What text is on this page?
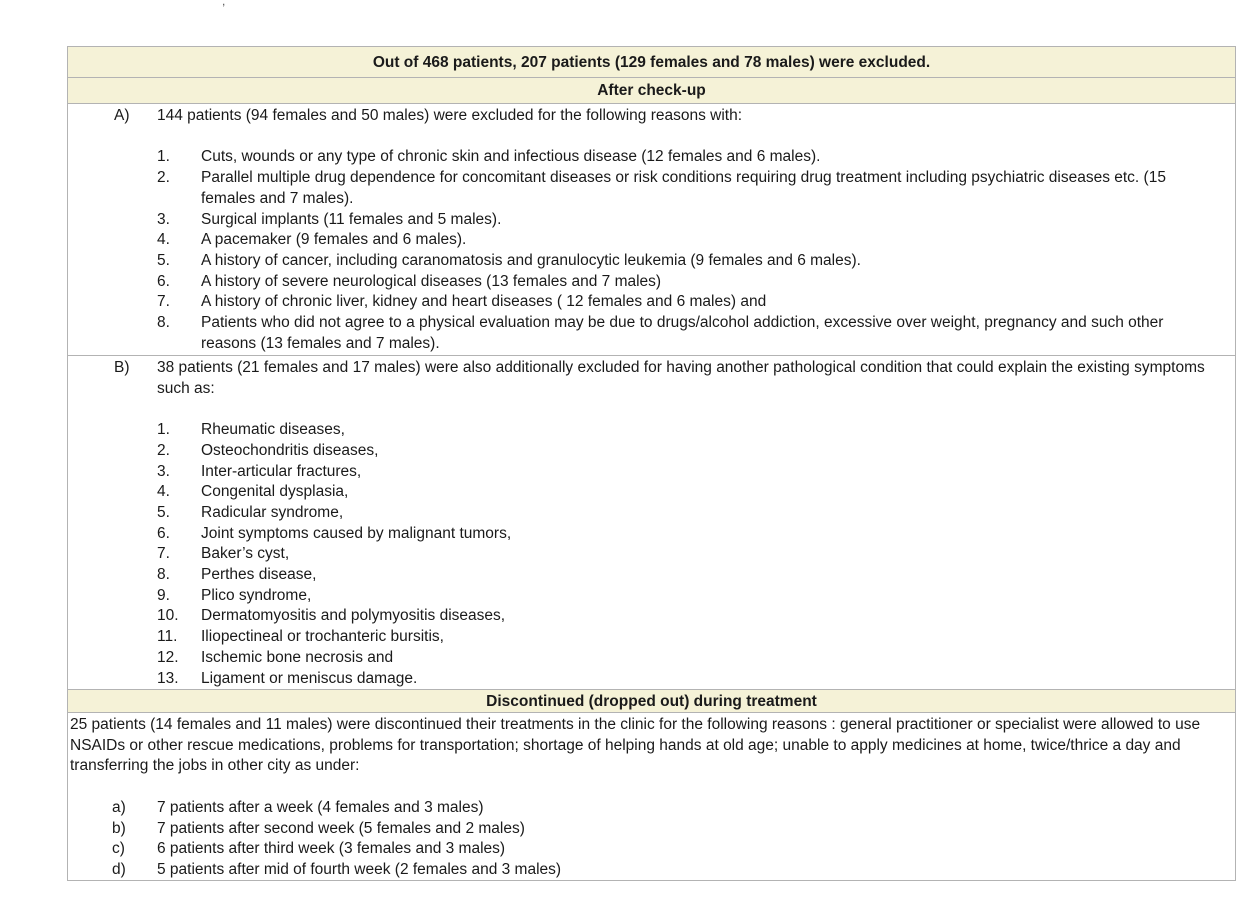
,
Out of 468 patients, 207 patients (129 females and 78 males) were excluded.
After check-up
A) 144 patients (94 females and 50 males) were excluded for the following reasons with:
1. Cuts, wounds or any type of chronic skin and infectious disease (12 females and 6 males).
2. Parallel multiple drug dependence for concomitant diseases or risk conditions requiring drug treatment including psychiatric diseases etc. (15 females and 7 males).
3. Surgical implants (11 females and 5 males).
4. A pacemaker (9 females and 6 males).
5. A history of cancer, including caranomatosis and granulocytic leukemia (9 females and 6 males).
6. A history of severe neurological diseases (13 females and 7 males)
7. A history of chronic liver, kidney and heart diseases ( 12 females and 6 males) and
8. Patients who did not agree to a physical evaluation may be due to drugs/alcohol addiction, excessive over weight, pregnancy and such other reasons (13 females and 7 males).
B) 38 patients (21 females and 17 males) were also additionally excluded for having another pathological condition that could explain the existing symptoms such as:
1. Rheumatic diseases,
2. Osteochondritis diseases,
3. Inter-articular fractures,
4. Congenital dysplasia,
5. Radicular syndrome,
6. Joint symptoms caused by malignant tumors,
7. Baker’s cyst,
8. Perthes disease,
9. Plico syndrome,
10. Dermatomyositis and polymyositis diseases,
11. Iliopectineal or trochanteric bursitis,
12. Ischemic bone necrosis and
13. Ligament or meniscus damage.
Discontinued (dropped out) during treatment
25 patients (14 females and 11 males) were discontinued their treatments in the clinic for the following reasons : general practitioner or specialist were allowed to use NSAIDs or other rescue medications, problems for transportation; shortage of helping hands at old age; unable to apply medicines at home, twice/thrice a day and transferring the jobs in other city as under:
a) 7 patients after a week (4 females and 3 males)
b) 7 patients after second week (5 females and 2 males)
c) 6 patients after third week (3 females and 3 males)
d) 5 patients after mid of fourth week (2 females and 3 males)
